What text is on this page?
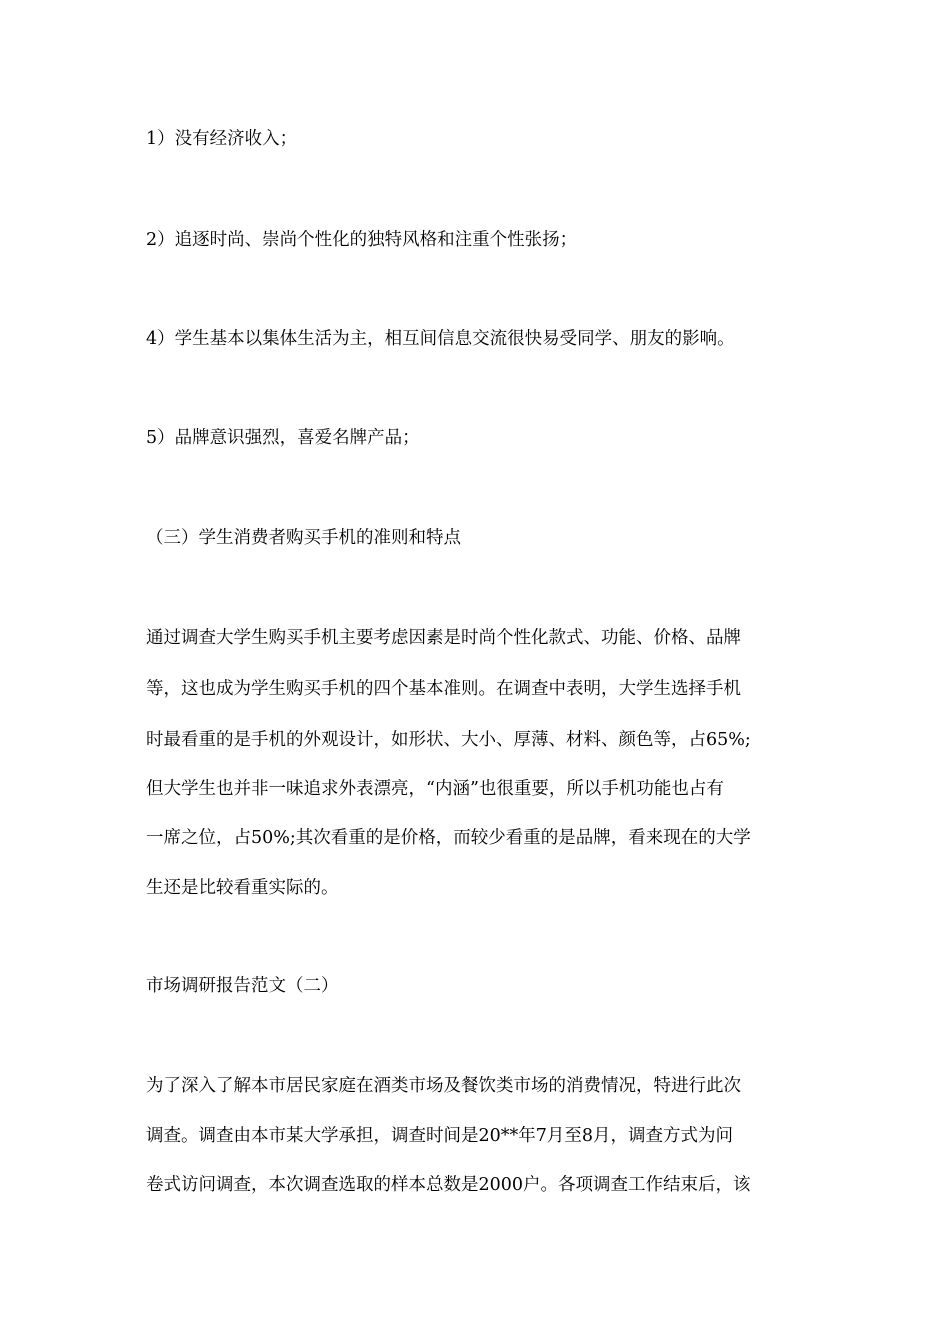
1）没有经济收入；

2）追逐时尚、崇尚个性化的独特风格和注重个性张扬；

4）学生基本以集体生活为主，相互间信息交流很快易受同学、朋友的影响。

5）品牌意识强烈，喜爱名牌产品；

（三）学生消费者购买手机的准则和特点

通过调查大学生购买手机主要考虑因素是时尚个性化款式、功能、价格、品牌

等，这也成为学生购买手机的四个基本准则。在调查中表明，大学生选择手机

时最看重的是手机的外观设计，如形状、大小、厚薄、材料、颜色等，占65%;

但大学生也并非一味追求外表漂亮，“内涵”也很重要，所以手机功能也占有

一席之位，占50%;其次看重的是价格，而较少看重的是品牌，看来现在的大学

生还是比较看重实际的。

市场调研报告范文（二）

为了深入了解本市居民家庭在酒类市场及餐饮类市场的消费情况，特进行此次

调查。调查由本市某大学承担，调查时间是20**年7月至8月，调查方式为问

卷式访问调查，本次调查选取的样本总数是2000户。各项调查工作结束后，该
